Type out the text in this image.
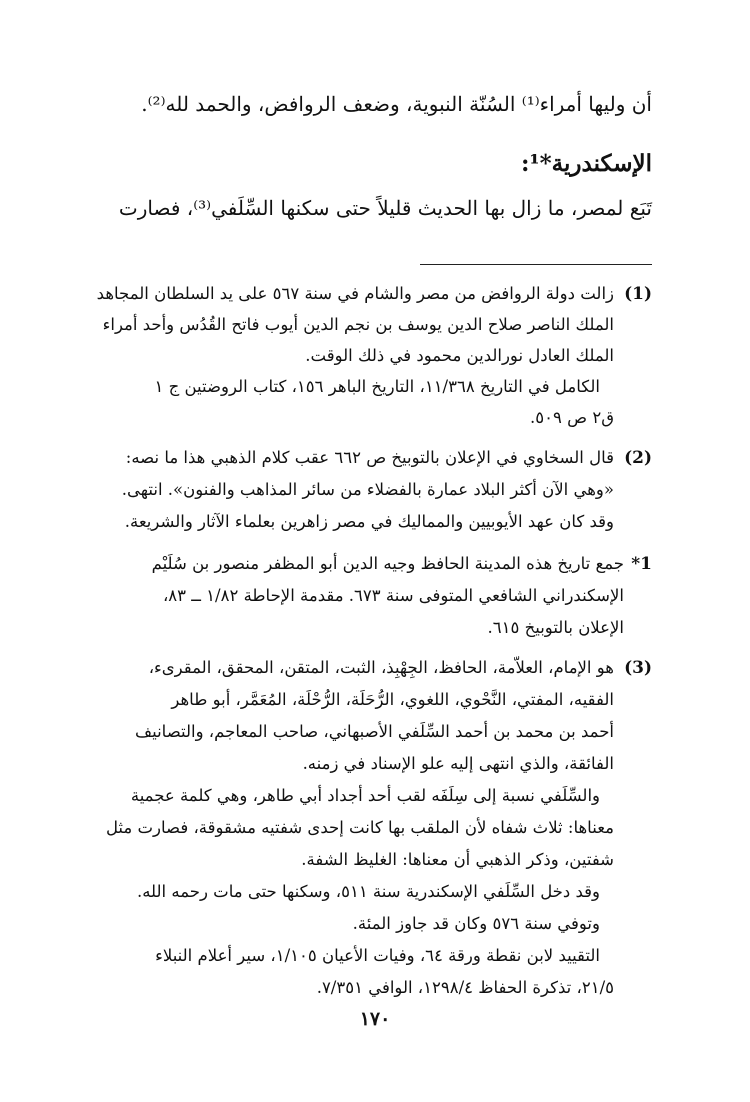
أن وليها أمراء⁽¹⁾ السُنّة النبوية، وضعف الروافض، والحمد لله⁽²⁾.
الإسكندرية*¹:
تَبَع لمصر، ما زال بها الحديث قليلاً حتى سكنها السِّلَفي⁽³⁾، فصارت
(1)
زالت دولة الروافض من مصر والشام في سنة ٥٦٧ على يد السلطان المجاهد
الملك الناصر صلاح الدين يوسف بن نجم الدين أيوب فاتح القُدُس وأحد أمراء
الملك العادل نورالدين محمود في ذلك الوقت.
الكامل في التاريخ ١١/٣٦٨، التاريخ الباهر ١٥٦، كتاب الروضتين ج ١
ق٢ ص ٥٠٩.
(2)
قال السخاوي في الإعلان بالتوبيخ ص ٦٦٢ عقب كلام الذهبي هذا ما نصه:
«وهي الآن أكثر البلاد عمارة بالفضلاء من سائر المذاهب والفنون». انتهى.
وقد كان عهد الأيوبيين والمماليك في مصر زاهرين بعلماء الآثار والشريعة.
*1
جمع تاريخ هذه المدينة الحافظ وجيه الدين أبو المظفر منصور بن سُلَيْم
الإسكندراني الشافعي المتوفى سنة ٦٧٣. مقدمة الإحاطة ١/٨٢ ــ ٨٣،
الإعلان بالتوبيخ ٦١٥.
(3)
هو الإمام، العلاّمة، الحافظ، الجِهْبِذ، الثبت، المتقن، المحقق، المقرىء،
الفقيه، المفتي، النَّحْوي، اللغوي، الرُّحَلَة، الرُّحْلَة، المُعَمَّر، أبو طاهر
أحمد بن محمد بن أحمد السِّلَفي الأصبهاني، صاحب المعاجم، والتصانيف
الفائقة، والذي انتهى إليه علو الإسناد في زمنه.
والسِّلَفي نسبة إلى سِلَفَه لقب أحد أجداد أبي طاهر، وهي كلمة عجمية
معناها: ثلاث شفاه لأن الملقب بها كانت إحدى شفتيه مشقوقة، فصارت مثل
شفتين، وذكر الذهبي أن معناها: الغليظ الشفة.
وقد دخل السِّلَفي الإسكندرية سنة ٥١١، وسكنها حتى مات رحمه الله.
وتوفي سنة ٥٧٦ وكان قد جاوز المئة.
التقييد لابن نقطة ورقة ٦٤، وفيات الأعيان ١/١٠٥، سير أعلام النبلاء
٢١/٥، تذكرة الحفاظ ١٢٩٨/٤، الوافي ٧/٣٥١.
١٧٠
